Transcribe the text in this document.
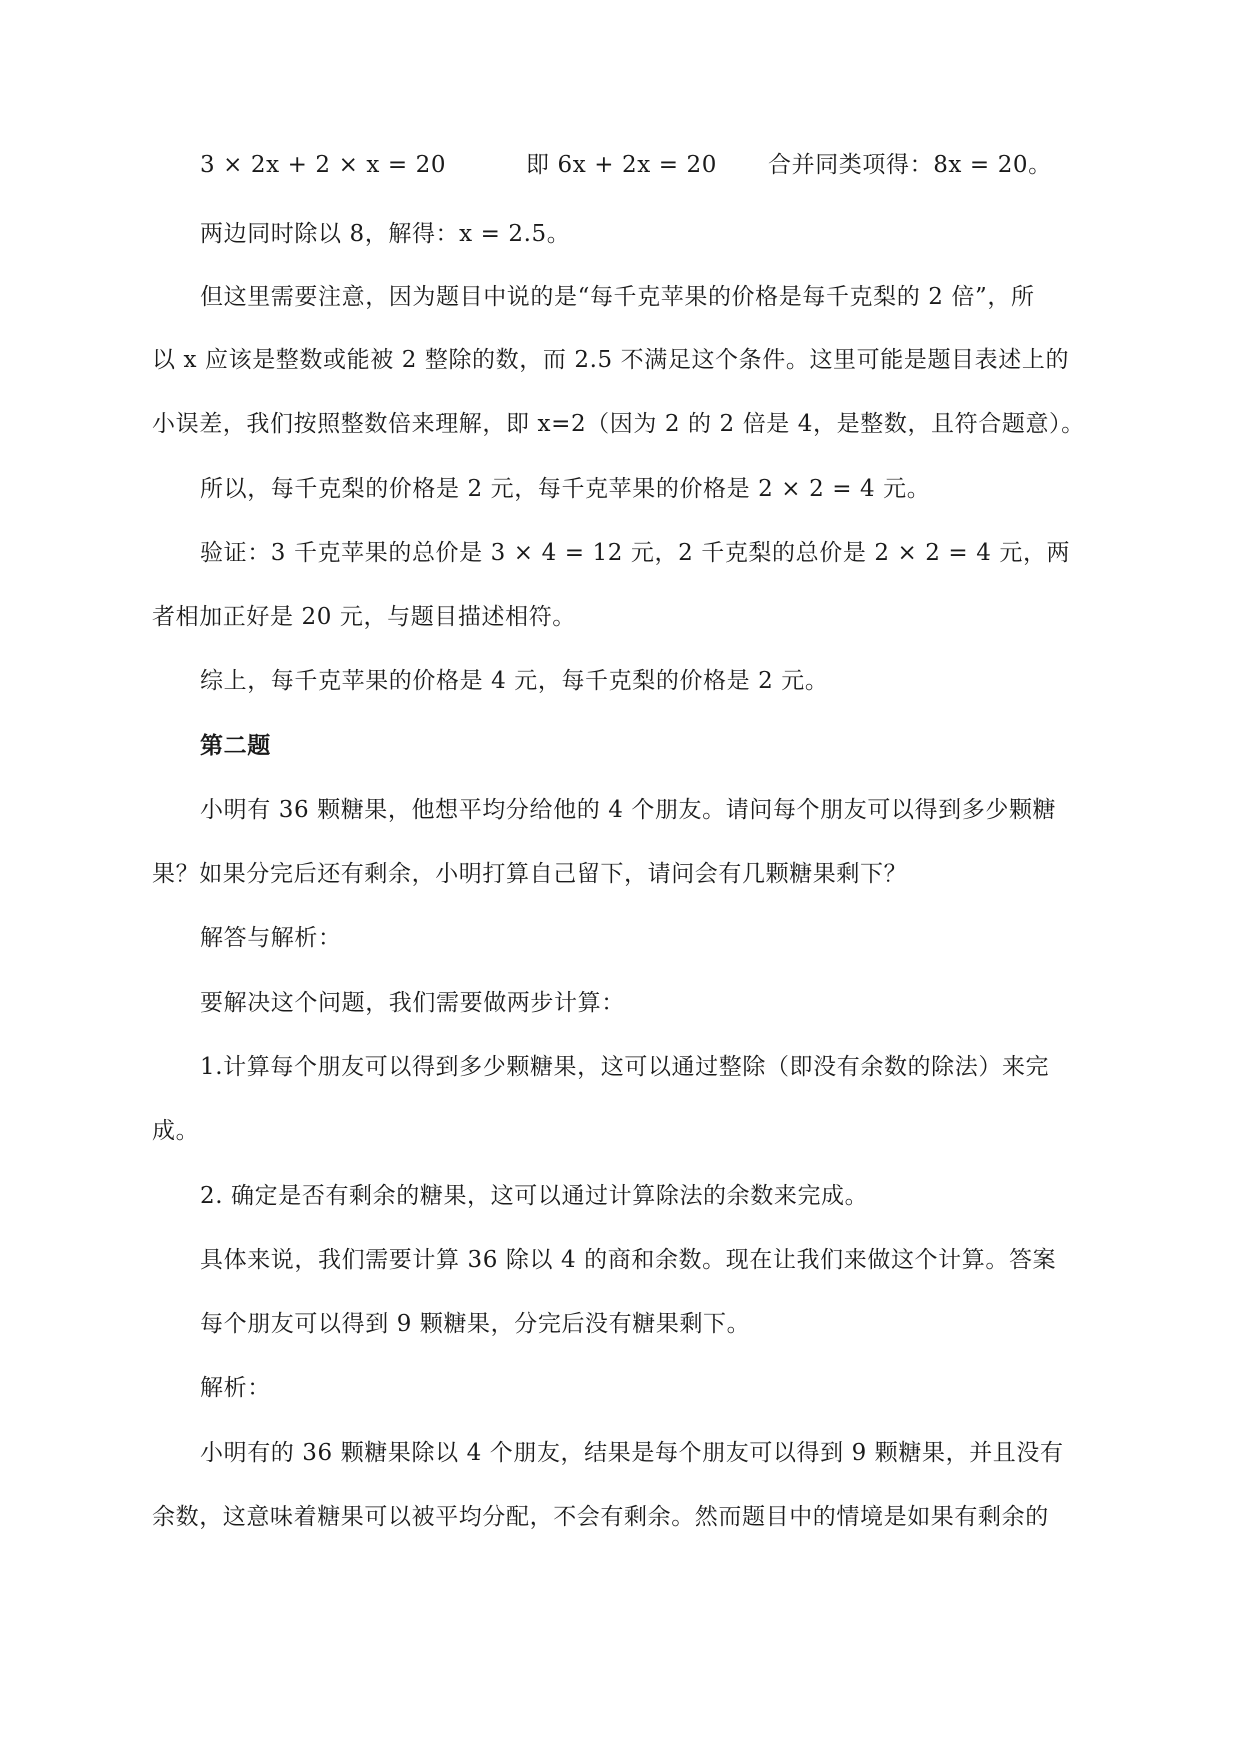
3 × 2x + 2 × x = 20	即 6x + 2x = 20 合并同类项得：8x = 20。
两边同时除以 8，解得：x = 2.5。
但这里需要注意，因为题目中说的是“每千克苹果的价格是每千克梨的 2 倍”，所
以 x 应该是整数或能被 2 整除的数，而 2.5 不满足这个条件。这里可能是题目表述上的
小误差，我们按照整数倍来理解，即 x=2（因为 2 的 2 倍是 4，是整数，且符合题意）。
所以，每千克梨的价格是 2 元，每千克苹果的价格是 2 × 2 = 4 元。
验证：3 千克苹果的总价是 3 × 4 = 12 元，2 千克梨的总价是 2 × 2 = 4 元，两
者相加正好是 20 元，与题目描述相符。
综上，每千克苹果的价格是 4 元，每千克梨的价格是 2 元。
第二题
小明有 36 颗糖果，他想平均分给他的 4 个朋友。请问每个朋友可以得到多少颗糖
果？如果分完后还有剩余，小明打算自己留下，请问会有几颗糖果剩下？
解答与解析：
要解决这个问题，我们需要做两步计算：
1.计算每个朋友可以得到多少颗糖果，这可以通过整除（即没有余数的除法）来完
成。
2. 确定是否有剩余的糖果，这可以通过计算除法的余数来完成。
具体来说，我们需要计算 36 除以 4 的商和余数。现在让我们来做这个计算。答案
每个朋友可以得到 9 颗糖果，分完后没有糖果剩下。
解析：
小明有的 36 颗糖果除以 4 个朋友，结果是每个朋友可以得到 9 颗糖果，并且没有
余数，这意味着糖果可以被平均分配，不会有剩余。然而题目中的情境是如果有剩余的
